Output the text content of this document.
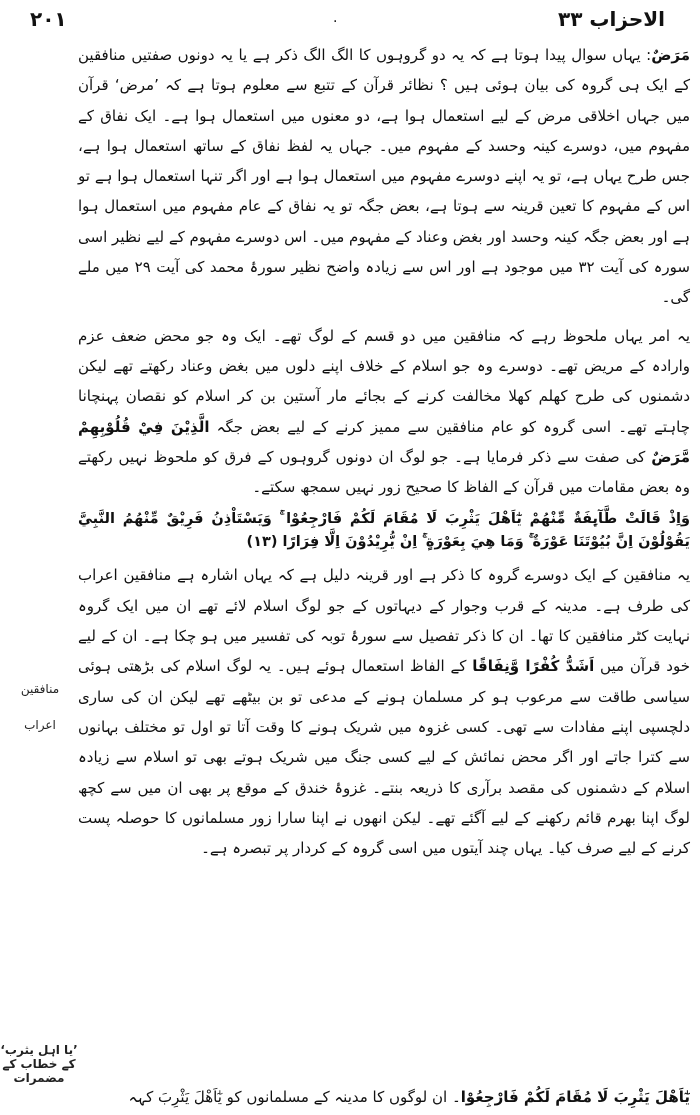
۲۰۱	الاحزاب ۳۳
.

مَرَضٌ: یہاں سوال پیدا ہوتا ہے کہ یہ دو گروہوں کا الگ الگ ذکر ہے یا یہ دونوں صفتیں منافقین کے ایک ہی گروہ کی بیان ہوئی ہیں ؟ نظائر قرآن کے تتبع سے معلوم ہوتا ہے کہ ’مرض‘ قرآن میں جہاں اخلاقی مرض کے لیے استعمال ہوا ہے، دو معنوں میں استعمال ہوا ہے۔ ایک نفاق کے مفہوم میں، دوسرے کینہ وحسد کے مفہوم میں۔ جہاں یہ لفظ نفاق کے ساتھ استعمال ہوا ہے، جس طرح یہاں ہے، تو یہ اپنے دوسرے مفہوم میں استعمال ہوا ہے اور اگر تنہا استعمال ہوا ہے تو اس کے مفہوم کا تعین قرینہ سے ہوتا ہے، بعض جگہ تو یہ نفاق کے عام مفہوم میں استعمال ہوا ہے اور بعض جگہ کینہ وحسد اور بغض وعناد کے مفہوم میں۔ اس دوسرے مفہوم کے لیے نظیر اسی سورہ کی آیت ۳۲ میں موجود ہے اور اس سے زیادہ واضح نظیر سورۂ محمد کی آیت ۲۹ میں ملے گی۔

یہ امر یہاں ملحوظ رہے کہ منافقین میں دو قسم کے لوگ تھے۔ ایک وہ جو محض ضعف عزم وارادہ کے مریض تھے۔ دوسرے وہ جو اسلام کے خلاف اپنے دلوں میں بغض وعناد رکھتے تھے لیکن دشمنوں کی طرح کھلم کھلا مخالفت کرنے کے بجائے مار آستین بن کر اسلام کو نقصان پہنچانا چاہتے تھے۔ اسی گروہ کو عام منافقین سے ممیز کرنے کے لیے بعض جگہ الَّذِيْنَ فِيْ قُلُوْبِهِمْ مَّرَضٌ کی صفت سے ذکر فرمایا ہے۔ جو لوگ ان دونوں گروہوں کے فرق کو ملحوظ نہیں رکھتے وہ بعض مقامات میں قرآن کے الفاظ کا صحیح زور نہیں سمجھ سکتے۔

وَاِذْ قَالَتْ طَّآىِٕفَةٌ مِّنْهُمْ يٰٓاَهْلَ يَثْرِبَ لَا مُقَامَ لَكُمْ فَارْجِعُوْا ۚ وَيَسْتَاْذِنُ فَرِيْقٌ مِّنْهُمُ النَّبِيَّ يَقُوْلُوْنَ اِنَّ بُيُوْتَنَا عَوْرَةٌ ۚ وَمَا هِيَ بِعَوْرَةٍ ۚ اِنْ يُّرِيْدُوْنَ اِلَّا فِرَارًا (۱۳)

یہ منافقین کے ایک دوسرے گروہ کا ذکر ہے اور قرینہ دلیل ہے کہ یہاں اشارہ ہے منافقین اعراب کی طرف ہے۔ مدینہ کے قرب وجوار کے دیہاتوں کے جو لوگ اسلام لائے تھے ان میں ایک گروہ نہایت کٹر منافقین کا تھا۔ ان کا ذکر تفصیل سے سورۂ توبہ کی تفسیر میں ہو چکا ہے۔ ان کے لیے خود قرآن میں اَشَدُّ كُفْرًا وَّنِفَاقًا کے الفاظ استعمال ہوئے ہیں۔ یہ لوگ اسلام کی بڑھتی ہوئی سیاسی طاقت سے مرعوب ہو کر مسلمان ہونے کے مدعی تو بن بیٹھے تھے لیکن ان کی ساری دلچسپی اپنے مفادات سے تھی۔ کسی غزوہ میں شریک ہونے کا وقت آتا تو اول تو مختلف بہانوں سے کترا جاتے اور اگر محض نمائش کے لیے کسی جنگ میں شریک ہوتے بھی تو اسلام سے زیادہ اسلام کے دشمنوں کی مقصد برآری کا ذریعہ بنتے۔ غزوۂ خندق کے موقع پر بھی ان میں سے کچھ لوگ اپنا بھرم قائم رکھنے کے لیے آگئے تھے۔ لیکن انھوں نے اپنا سارا زور مسلمانوں کا حوصلہ پست کرنے کے لیے صرف کیا۔ یہاں چند آیتوں میں اسی گروہ کے کردار پر تبصرہ ہے۔

منافقین
اعراب
’یا اہل یثرب‘ کے خطاب کے مضمرات
يٰٓاَهْلَ يَثْرِبَ لَا مُقَامَ لَكُمْ فَارْجِعُوْا۔ ان لوگوں کا مدینہ کے مسلمانوں کو يٰٓاَهْلَ يَثْرِبَ کہہ
